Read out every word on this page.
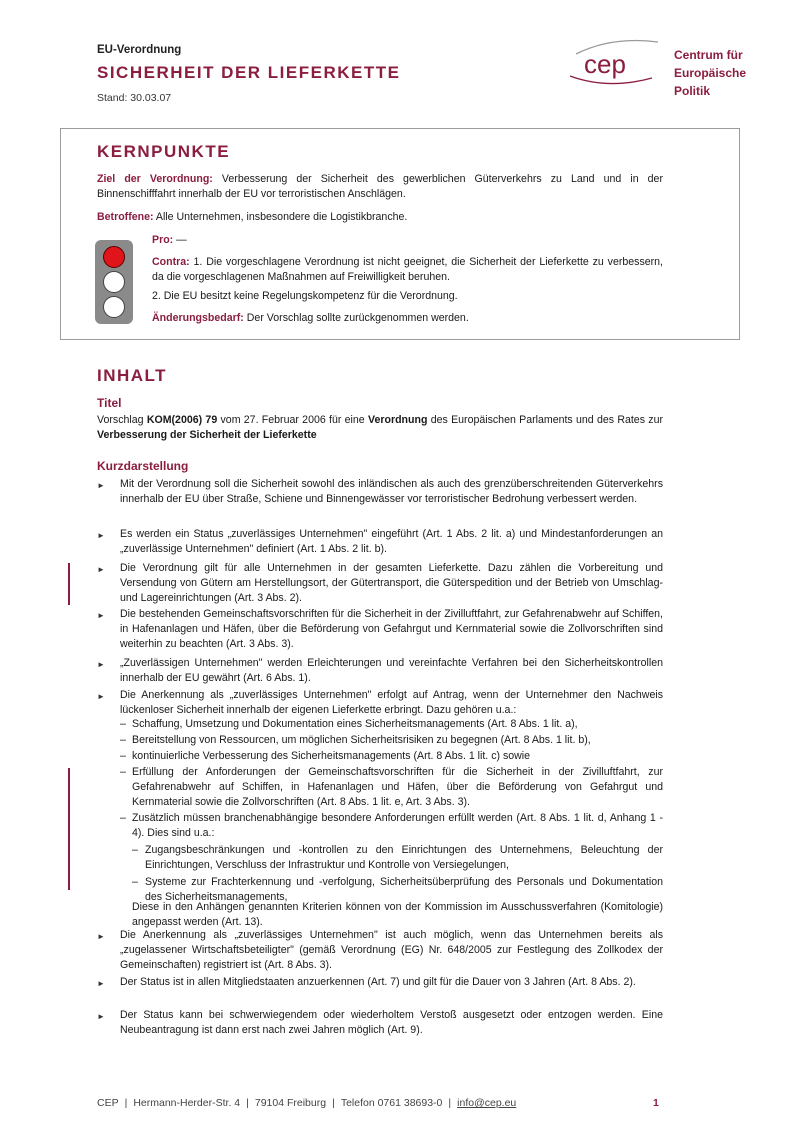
EU-Verordnung
SICHERHEIT DER LIEFERKETTE
Stand: 30.03.07
cep	Centrum für
Europäische
Politik
KERNPUNKTE
Ziel der Verordnung: Verbesserung der Sicherheit des gewerblichen Güterverkehrs zu Land und in der Binnenschifffahrt innerhalb der EU vor terroristischen Anschlägen.
Betroffene: Alle Unternehmen, insbesondere die Logistikbranche.
Pro: —
Contra: 1. Die vorgeschlagene Verordnung ist nicht geeignet, die Sicherheit der Lieferkette zu verbessern, da die vorgeschlagenen Maßnahmen auf Freiwilligkeit beruhen.
2. Die EU besitzt keine Regelungskompetenz für die Verordnung.
Änderungsbedarf: Der Vorschlag sollte zurückgenommen werden.
INHALT
Titel
Vorschlag KOM(2006) 79 vom 27. Februar 2006 für eine Verordnung des Europäischen Parlaments und des Rates zur Verbesserung der Sicherheit der Lieferkette
Kurzdarstellung
► Mit der Verordnung soll die Sicherheit sowohl des inländischen als auch des grenzüberschreitenden Güterverkehrs innerhalb der EU über Straße, Schiene und Binnengewässer vor terroristischer Bedrohung verbessert werden.
► Es werden ein Status „zuverlässiges Unternehmen" eingeführt (Art. 1 Abs. 2 lit. a) und Mindestanforderungen an „zuverlässige Unternehmen" definiert (Art. 1 Abs. 2 lit. b).
► Die Verordnung gilt für alle Unternehmen in der gesamten Lieferkette. Dazu zählen die Vorbereitung und Versendung von Gütern am Herstellungsort, der Gütertransport, die Güterspedition und der Betrieb von Umschlag- und Lagereinrichtungen (Art. 3 Abs. 2).
► Die bestehenden Gemeinschaftsvorschriften für die Sicherheit in der Zivilluftfahrt, zur Gefahrenabwehr auf Schiffen, in Hafenanlagen und Häfen, über die Beförderung von Gefahrgut und Kernmaterial sowie die Zollvorschriften sind weiterhin zu beachten (Art. 3 Abs. 3).
► „Zuverlässigen Unternehmen" werden Erleichterungen und vereinfachte Verfahren bei den Sicherheitskontrollen innerhalb der EU gewährt (Art. 6 Abs. 1).
► Die Anerkennung als „zuverlässiges Unternehmen" erfolgt auf Antrag, wenn der Unternehmer den Nachweis lückenloser Sicherheit innerhalb der eigenen Lieferkette erbringt. Dazu gehören u.a.:
– Schaffung, Umsetzung und Dokumentation eines Sicherheitsmanagements (Art. 8 Abs. 1 lit. a),
– Bereitstellung von Ressourcen, um möglichen Sicherheitsrisiken zu begegnen (Art. 8 Abs. 1 lit. b),
– kontinuierliche Verbesserung des Sicherheitsmanagements (Art. 8 Abs. 1 lit. c) sowie
– Erfüllung der Anforderungen der Gemeinschaftsvorschriften für die Sicherheit in der Zivilluftfahrt, zur Gefahrenabwehr auf Schiffen, in Hafenanlagen und Häfen, über die Beförderung von Gefahrgut und Kernmaterial sowie die Zollvorschriften (Art. 8 Abs. 1 lit. e, Art. 3 Abs. 3).
– Zusätzlich müssen branchenabhängige besondere Anforderungen erfüllt werden (Art. 8 Abs. 1 lit. d, Anhang 1 - 4). Dies sind u.a.:
– Zugangsbeschränkungen und -kontrollen zu den Einrichtungen des Unternehmens, Beleuchtung der Einrichtungen, Verschluss der Infrastruktur und Kontrolle von Versiegelungen,
– Systeme zur Frachterkennung und -verfolgung, Sicherheitsüberprüfung des Personals und Dokumentation des Sicherheitsmanagements,
Diese in den Anhängen genannten Kriterien können von der Kommission im Ausschussverfahren (Komitologie) angepasst werden (Art. 13).
► Die Anerkennung als „zuverlässiges Unternehmen" ist auch möglich, wenn das Unternehmen bereits als „zugelassener Wirtschaftsbeteiligter" (gemäß Verordnung (EG) Nr. 648/2005 zur Festlegung des Zollkodex der Gemeinschaften) registriert ist (Art. 8 Abs. 3).
► Der Status ist in allen Mitgliedstaaten anzuerkennen (Art. 7) und gilt für die Dauer von 3 Jahren (Art. 8 Abs. 2).
► Der Status kann bei schwerwiegendem oder wiederholtem Verstoß ausgesetzt oder entzogen werden. Eine Neubeantragung ist dann erst nach zwei Jahren möglich (Art. 9).
CEP | Hermann-Herder-Str. 4 | 79104 Freiburg | Telefon 0761 38693-0 | info@cep.eu	1
